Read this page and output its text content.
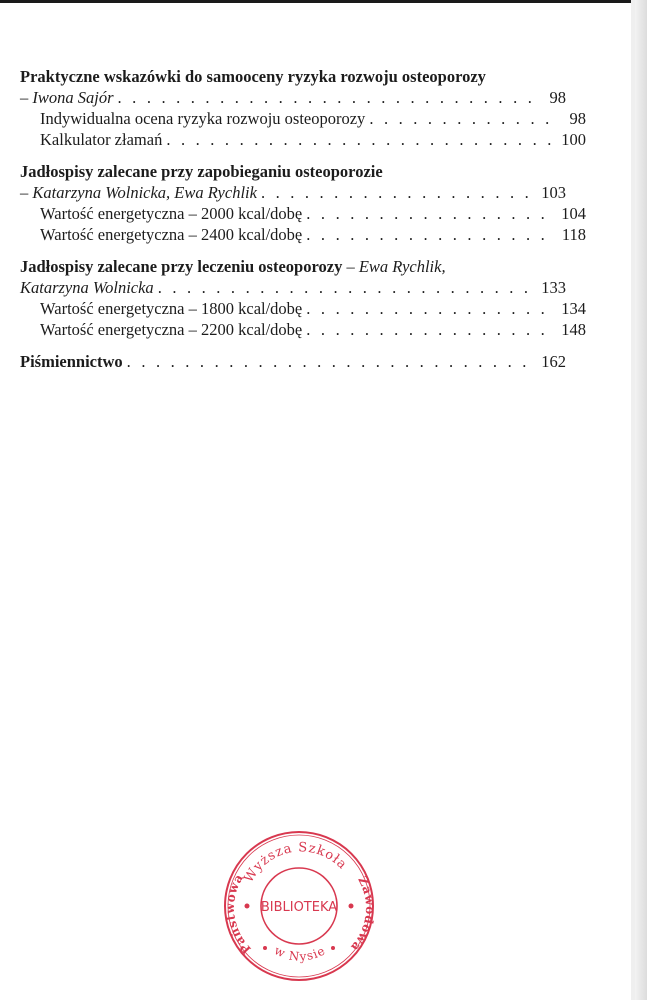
Praktyczne wskazówki do samooceny ryzyka rozwoju osteoporozy
– Iwona Sajór . . .	98
Indywidualna ocena ryzyka rozwoju osteoporozy . . .	98
Kalkulator złamań . . .	100
Jadłospisy zalecane przy zapobieganiu osteoporozie
– Katarzyna Wolnicka, Ewa Rychlik . . .	103
Wartość energetyczna – 2000 kcal/dobę . . .	104
Wartość energetyczna – 2400 kcal/dobę . . .	118
Jadłospisy zalecane przy leczeniu osteoporozy – Ewa Rychlik,
Katarzyna Wolnicka . . .	133
Wartość energetyczna – 1800 kcal/dobę . . .	134
Wartość energetyczna – 2200 kcal/dobę . . .	148
Piśmiennictwo . . .	162
Wyższa Szkoła
Państwowa	Zawodowa
w Nysie
BIBLIOTEKA
